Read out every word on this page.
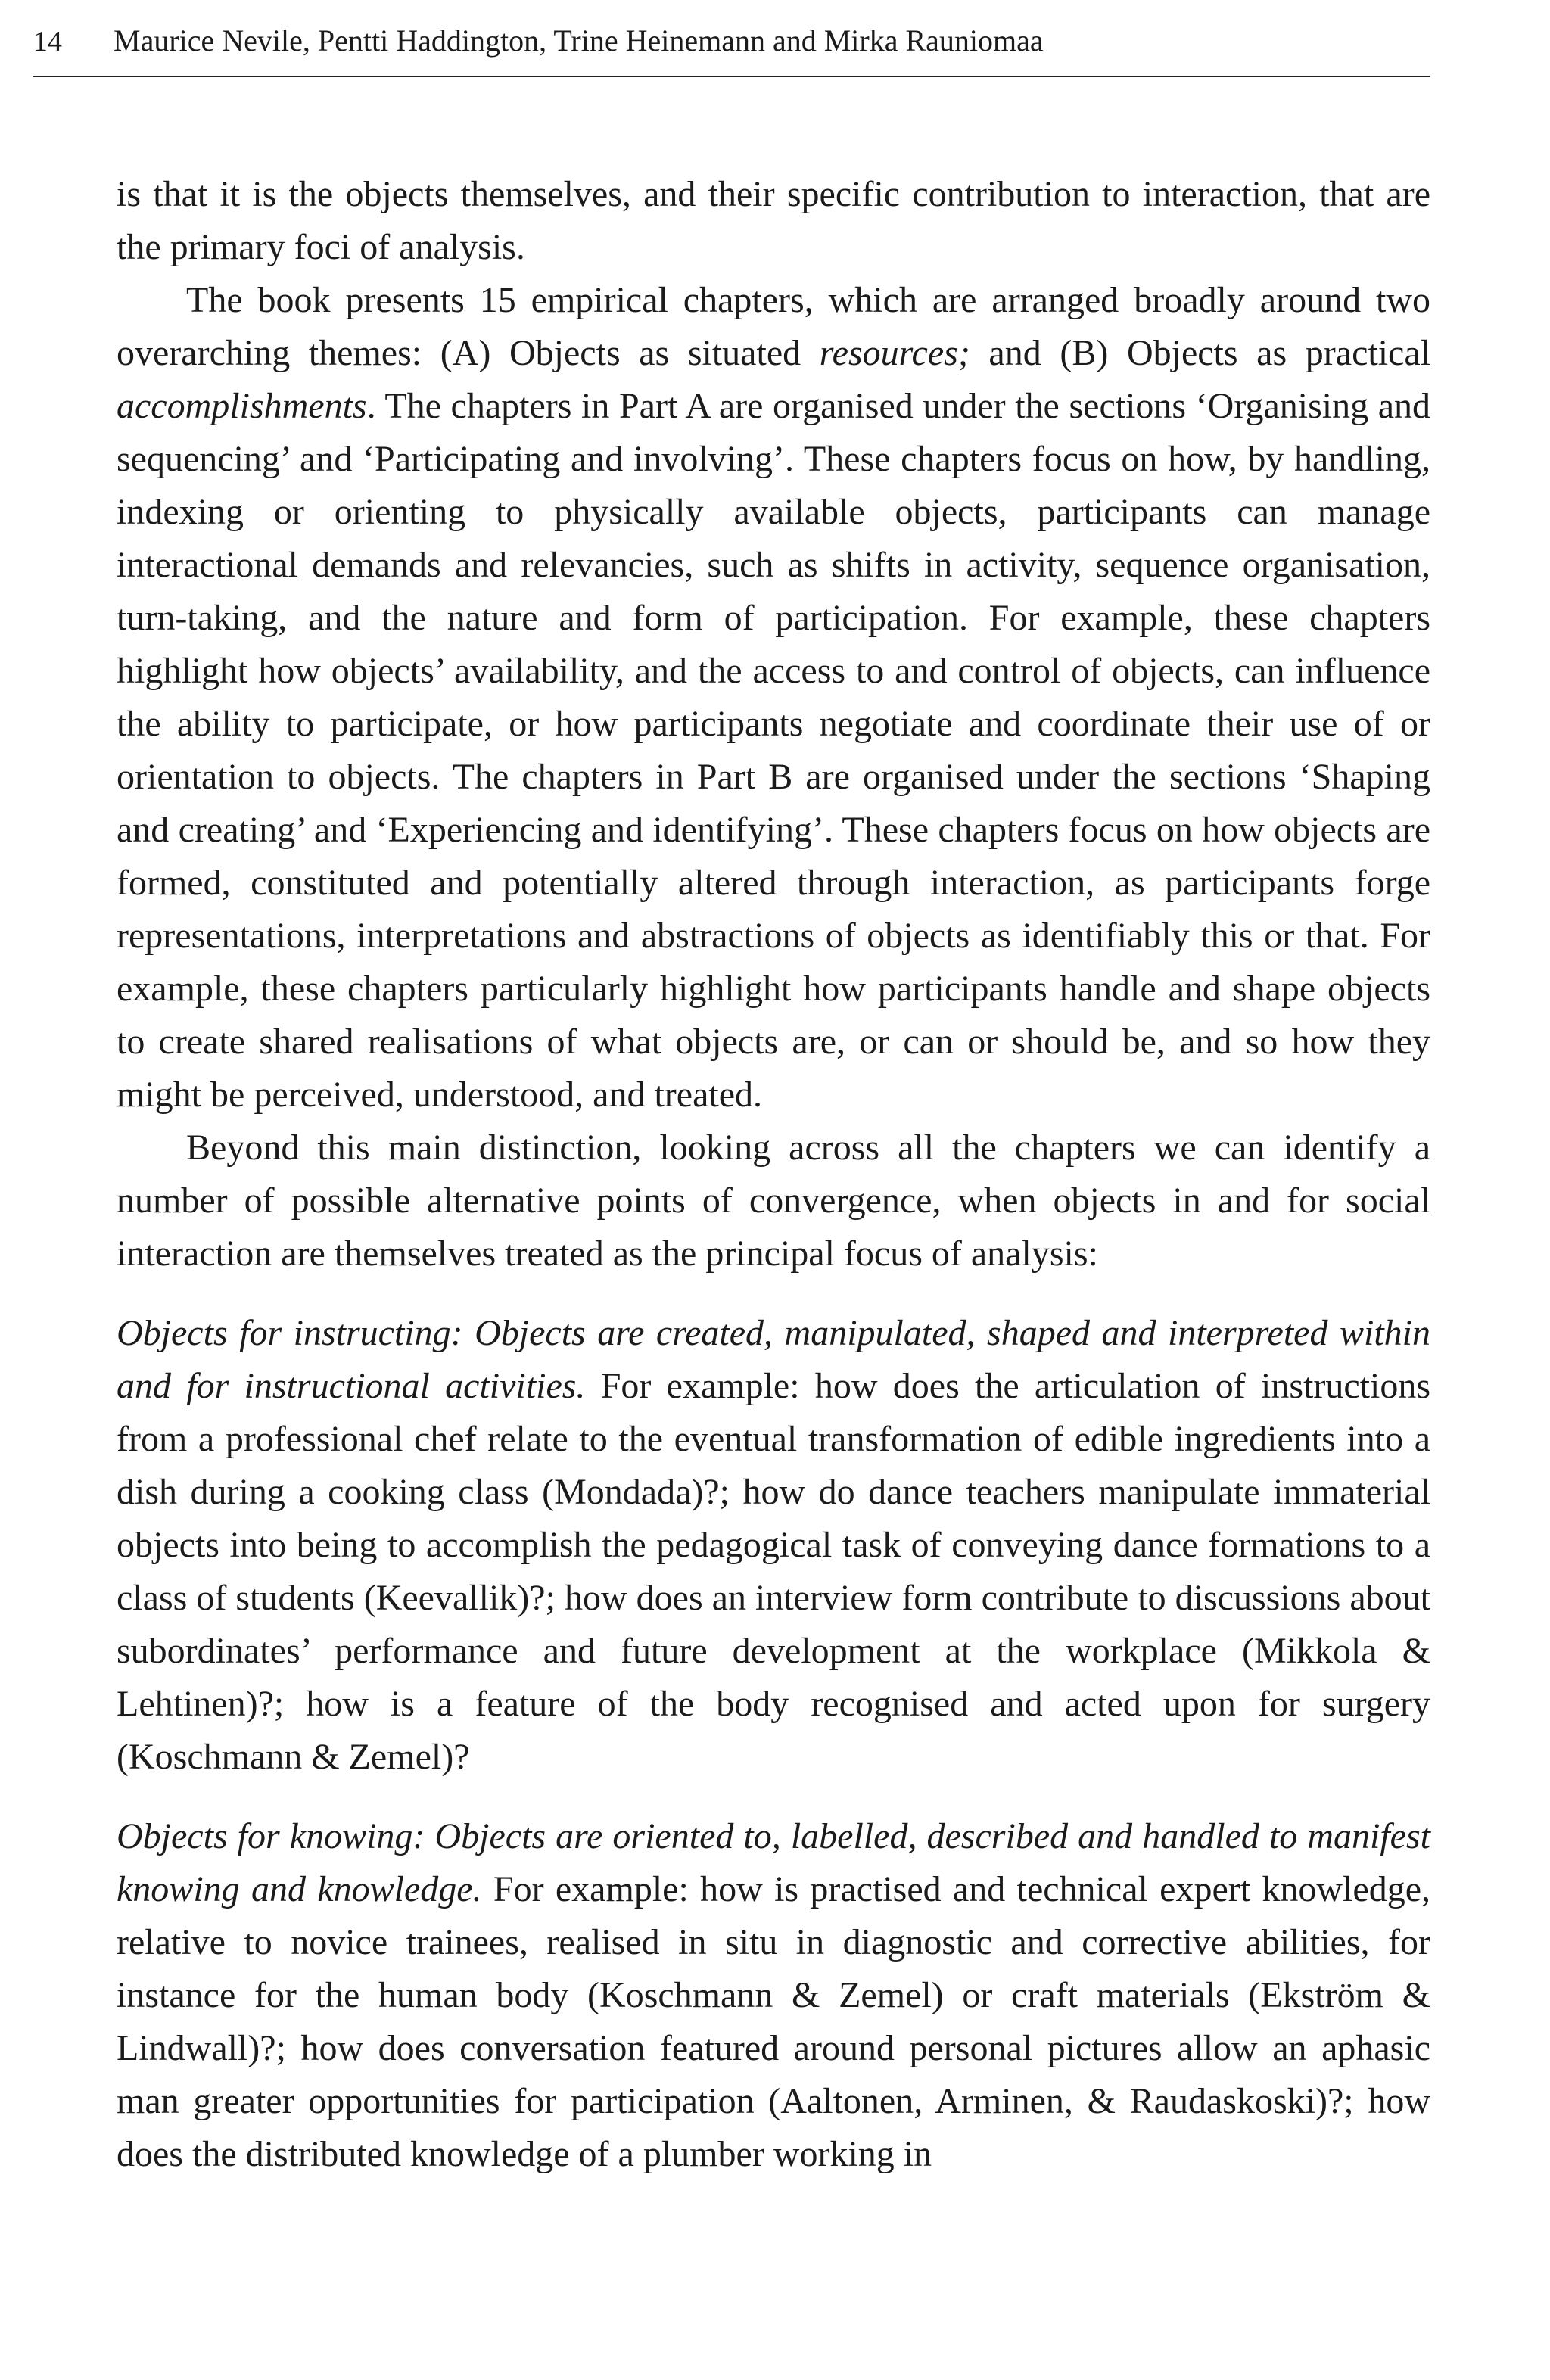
14 Maurice Nevile, Pentti Haddington, Trine Heinemann and Mirka Rauniomaa

is that it is the objects themselves, and their specific contribution to interaction, that are the primary foci of analysis.

The book presents 15 empirical chapters, which are arranged broadly around two overarching themes: (A) Objects as situated resources; and (B) Objects as practical accomplishments. The chapters in Part A are organised under the sections ‘Organising and sequencing’ and ‘Participating and involving’. These chapters focus on how, by handling, indexing or orienting to physically available objects, participants can manage interactional demands and relevancies, such as shifts in activity, sequence organisation, turn-taking, and the nature and form of participation. For example, these chapters highlight how objects’ availability, and the access to and control of objects, can influence the ability to participate, or how participants negotiate and coordinate their use of or orientation to objects. The chapters in Part B are organised under the sections ‘Shaping and creating’ and ‘Experiencing and identifying’. These chapters focus on how objects are formed, constituted and potentially altered through interaction, as participants forge representations, interpretations and abstractions of objects as identifiably this or that. For example, these chapters particularly highlight how participants handle and shape objects to create shared realisations of what objects are, or can or should be, and so how they might be perceived, understood, and treated.

Beyond this main distinction, looking across all the chapters we can identify a number of possible alternative points of convergence, when objects in and for social interaction are themselves treated as the principal focus of analysis:

Objects for instructing: Objects are created, manipulated, shaped and interpreted within and for instructional activities. For example: how does the articulation of instructions from a professional chef relate to the eventual transformation of edible ingredients into a dish during a cooking class (Mondada)?; how do dance teachers manipulate immaterial objects into being to accomplish the pedagogical task of conveying dance formations to a class of students (Keevallik)?; how does an interview form contribute to discussions about subordinates’ performance and future development at the workplace (Mikkola & Lehtinen)?; how is a feature of the body recognised and acted upon for surgery (Koschmann & Zemel)?

Objects for knowing: Objects are oriented to, labelled, described and handled to manifest knowing and knowledge. For example: how is practised and technical expert knowledge, relative to novice trainees, realised in situ in diagnostic and corrective abilities, for instance for the human body (Koschmann & Zemel) or craft materials (Ekström & Lindwall)?; how does conversation featured around personal pictures allow an aphasic man greater opportunities for participation (Aaltonen, Arminen, & Raudaskoski)?; how does the distributed knowledge of a plumber working in
